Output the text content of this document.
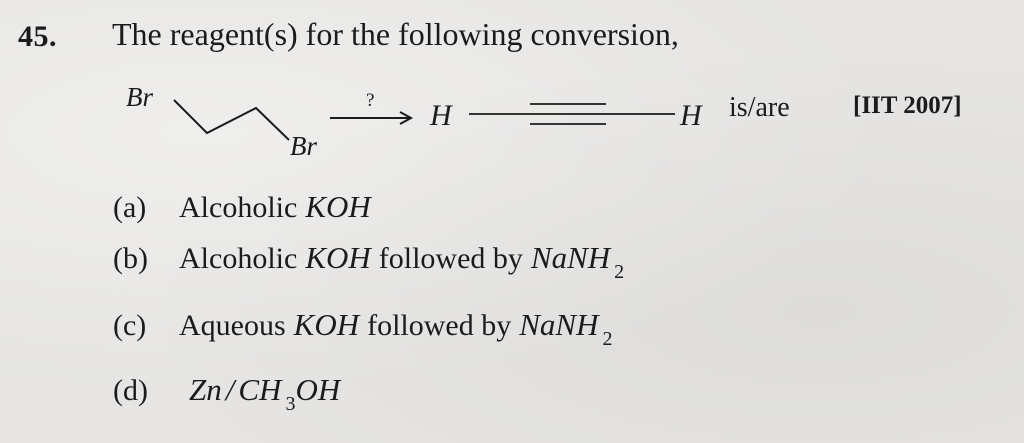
45. The reagent(s) for the following conversion,
Br
Br
? H	H is/are	[IIT 2007]
(a) Alcoholic KOH
(b) Alcoholic KOH followed by NaNH $_2$
(c) Aqueous KOH followed by NaNH $_2$
(d) Zn / CH $_3$OH
